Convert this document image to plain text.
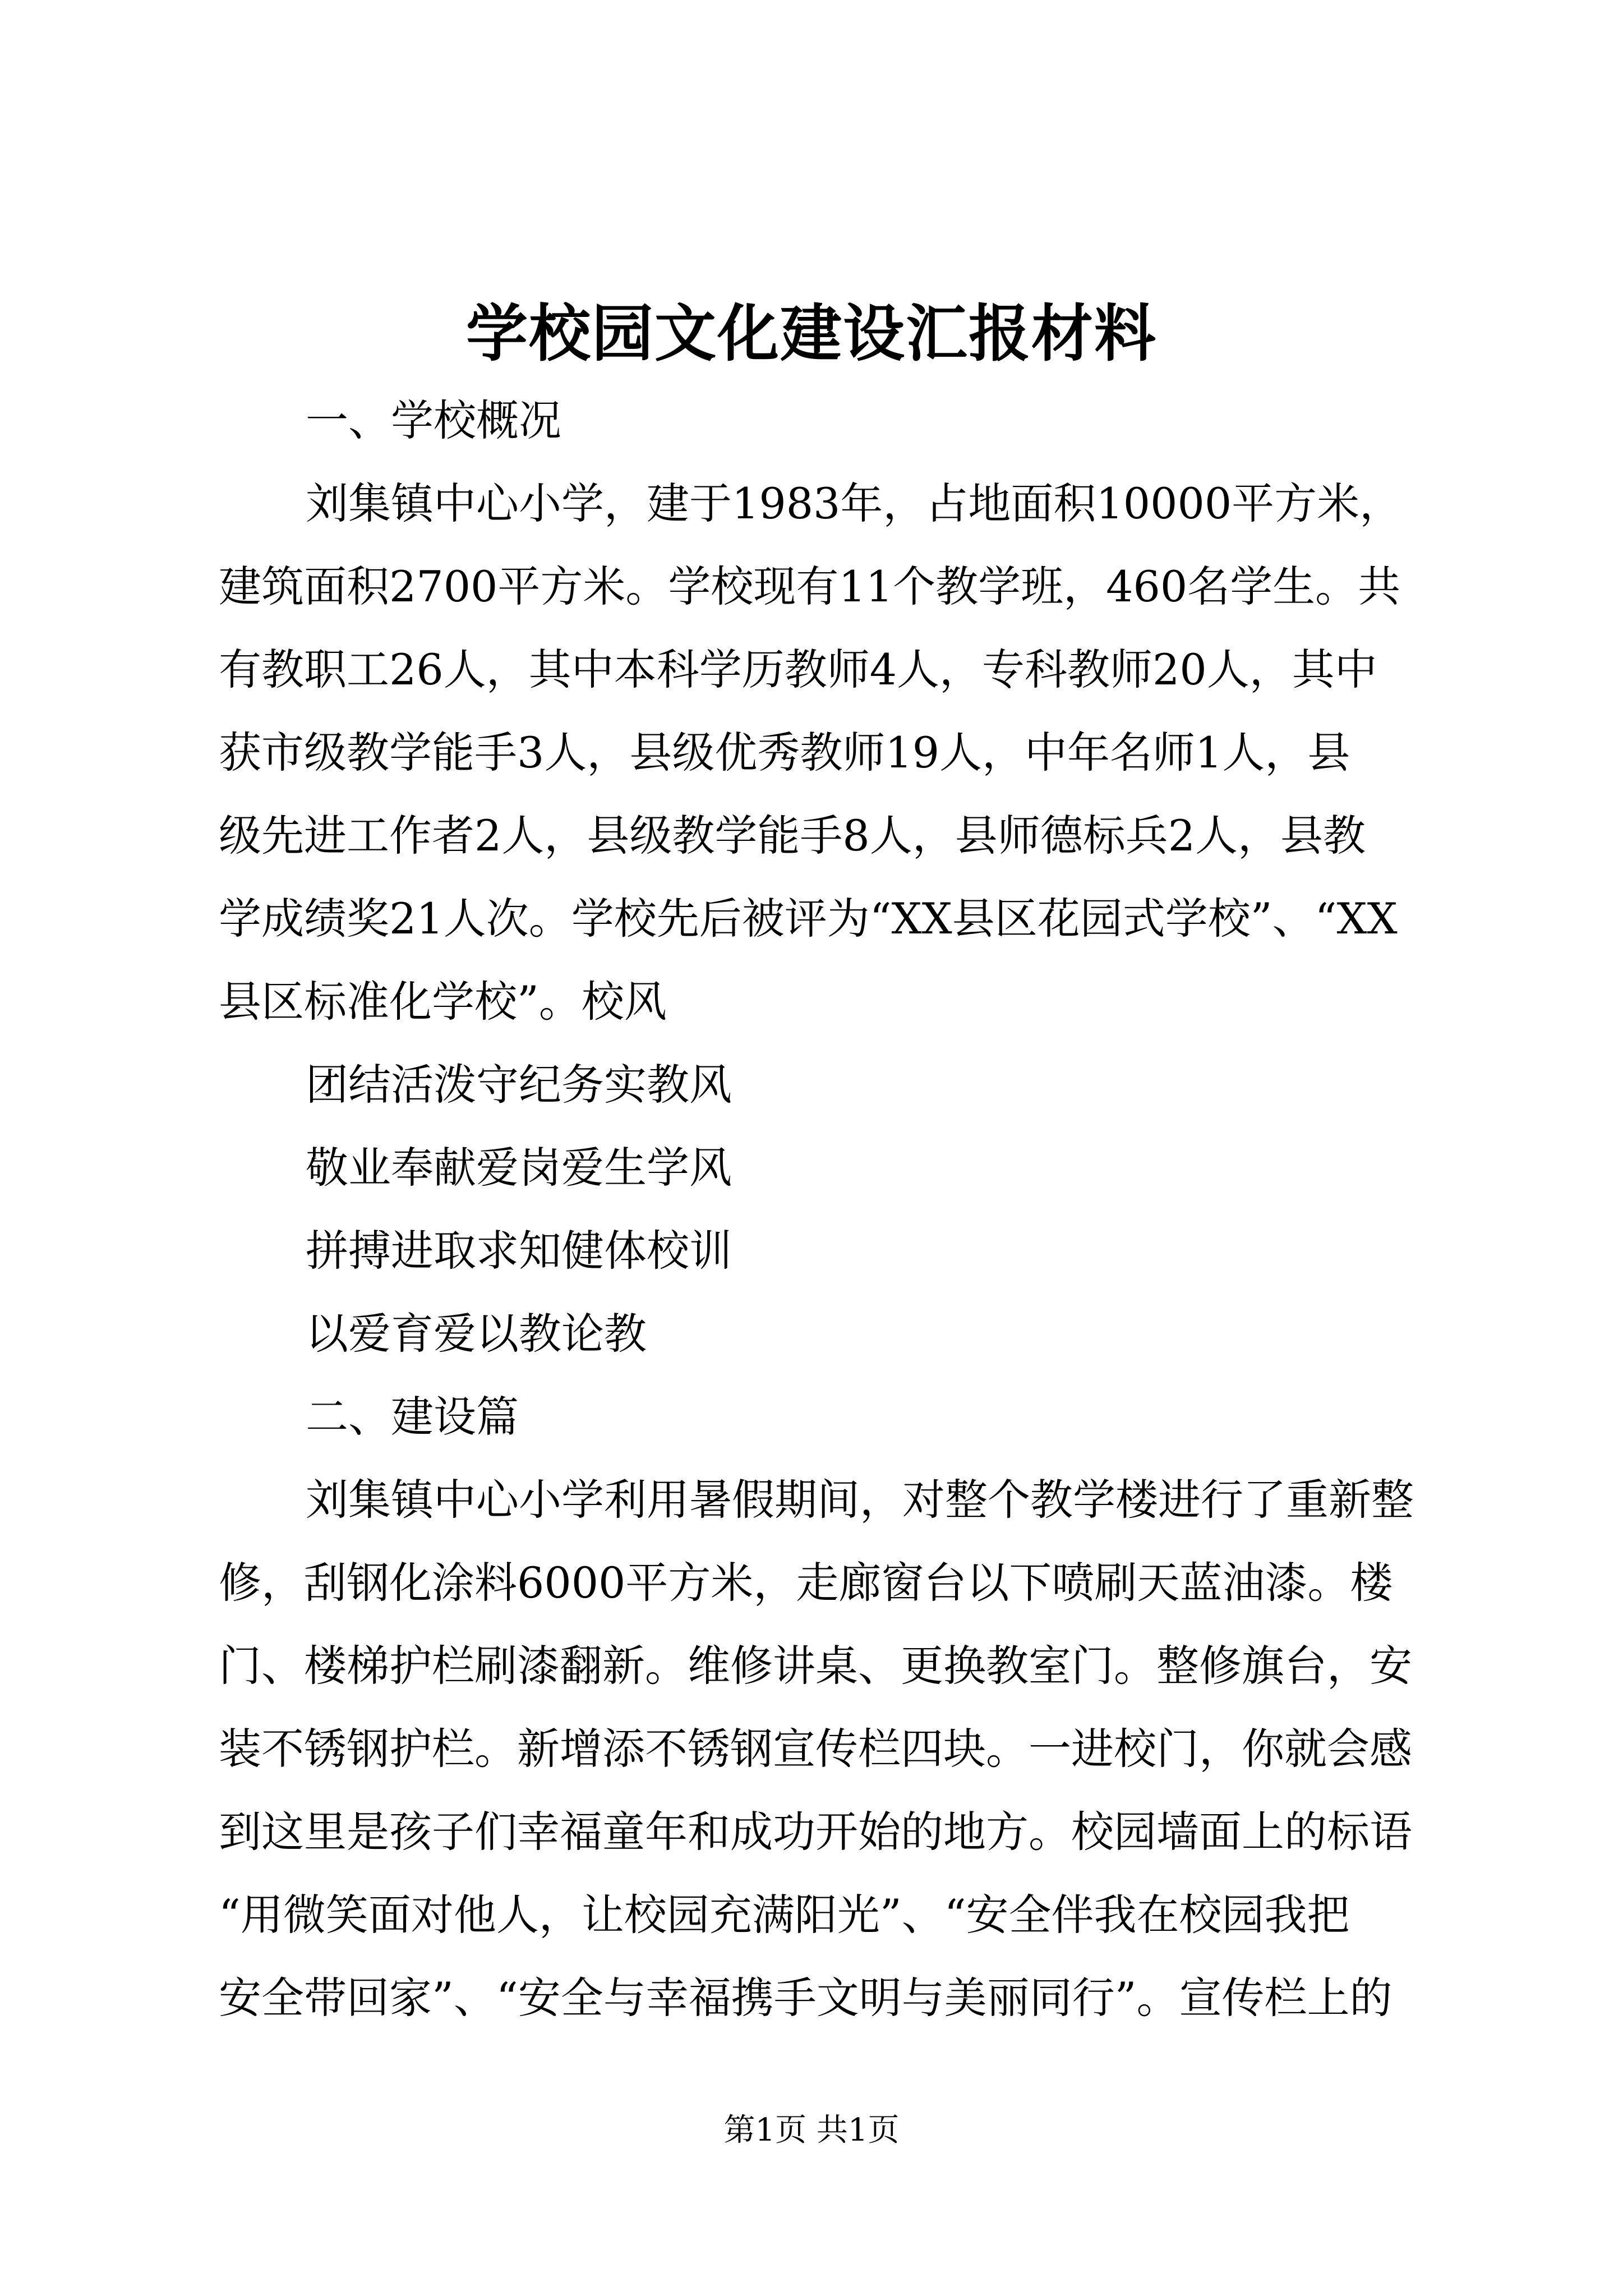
学校园文化建设汇报材料
一、学校概况
刘集镇中心小学，建于1983年，占地面积10000平方米，
建筑面积2700平方米。学校现有11个教学班，460名学生。共
有教职工26人，其中本科学历教师4人，专科教师20人，其中
获市级教学能手3人，县级优秀教师19人，中年名师1人，县
级先进工作者2人，县级教学能手8人，县师德标兵2人，县教
学成绩奖21人次。学校先后被评为“XX县区花园式学校”、“XX
县区标准化学校”。校风
团结活泼守纪务实教风
敬业奉献爱岗爱生学风
拼搏进取求知健体校训
以爱育爱以教论教
二、建设篇
刘集镇中心小学利用暑假期间，对整个教学楼进行了重新整
修，刮钢化涂料6000平方米，走廊窗台以下喷刷天蓝油漆。楼
门、楼梯护栏刷漆翻新。维修讲桌、更换教室门。整修旗台，安
装不锈钢护栏。新增添不锈钢宣传栏四块。一进校门，你就会感
到这里是孩子们幸福童年和成功开始的地方。校园墙面上的标语
“用微笑面对他人，让校园充满阳光”、“安全伴我在校园我把
安全带回家”、“安全与幸福携手文明与美丽同行”。宣传栏上的
第1页 共1页
